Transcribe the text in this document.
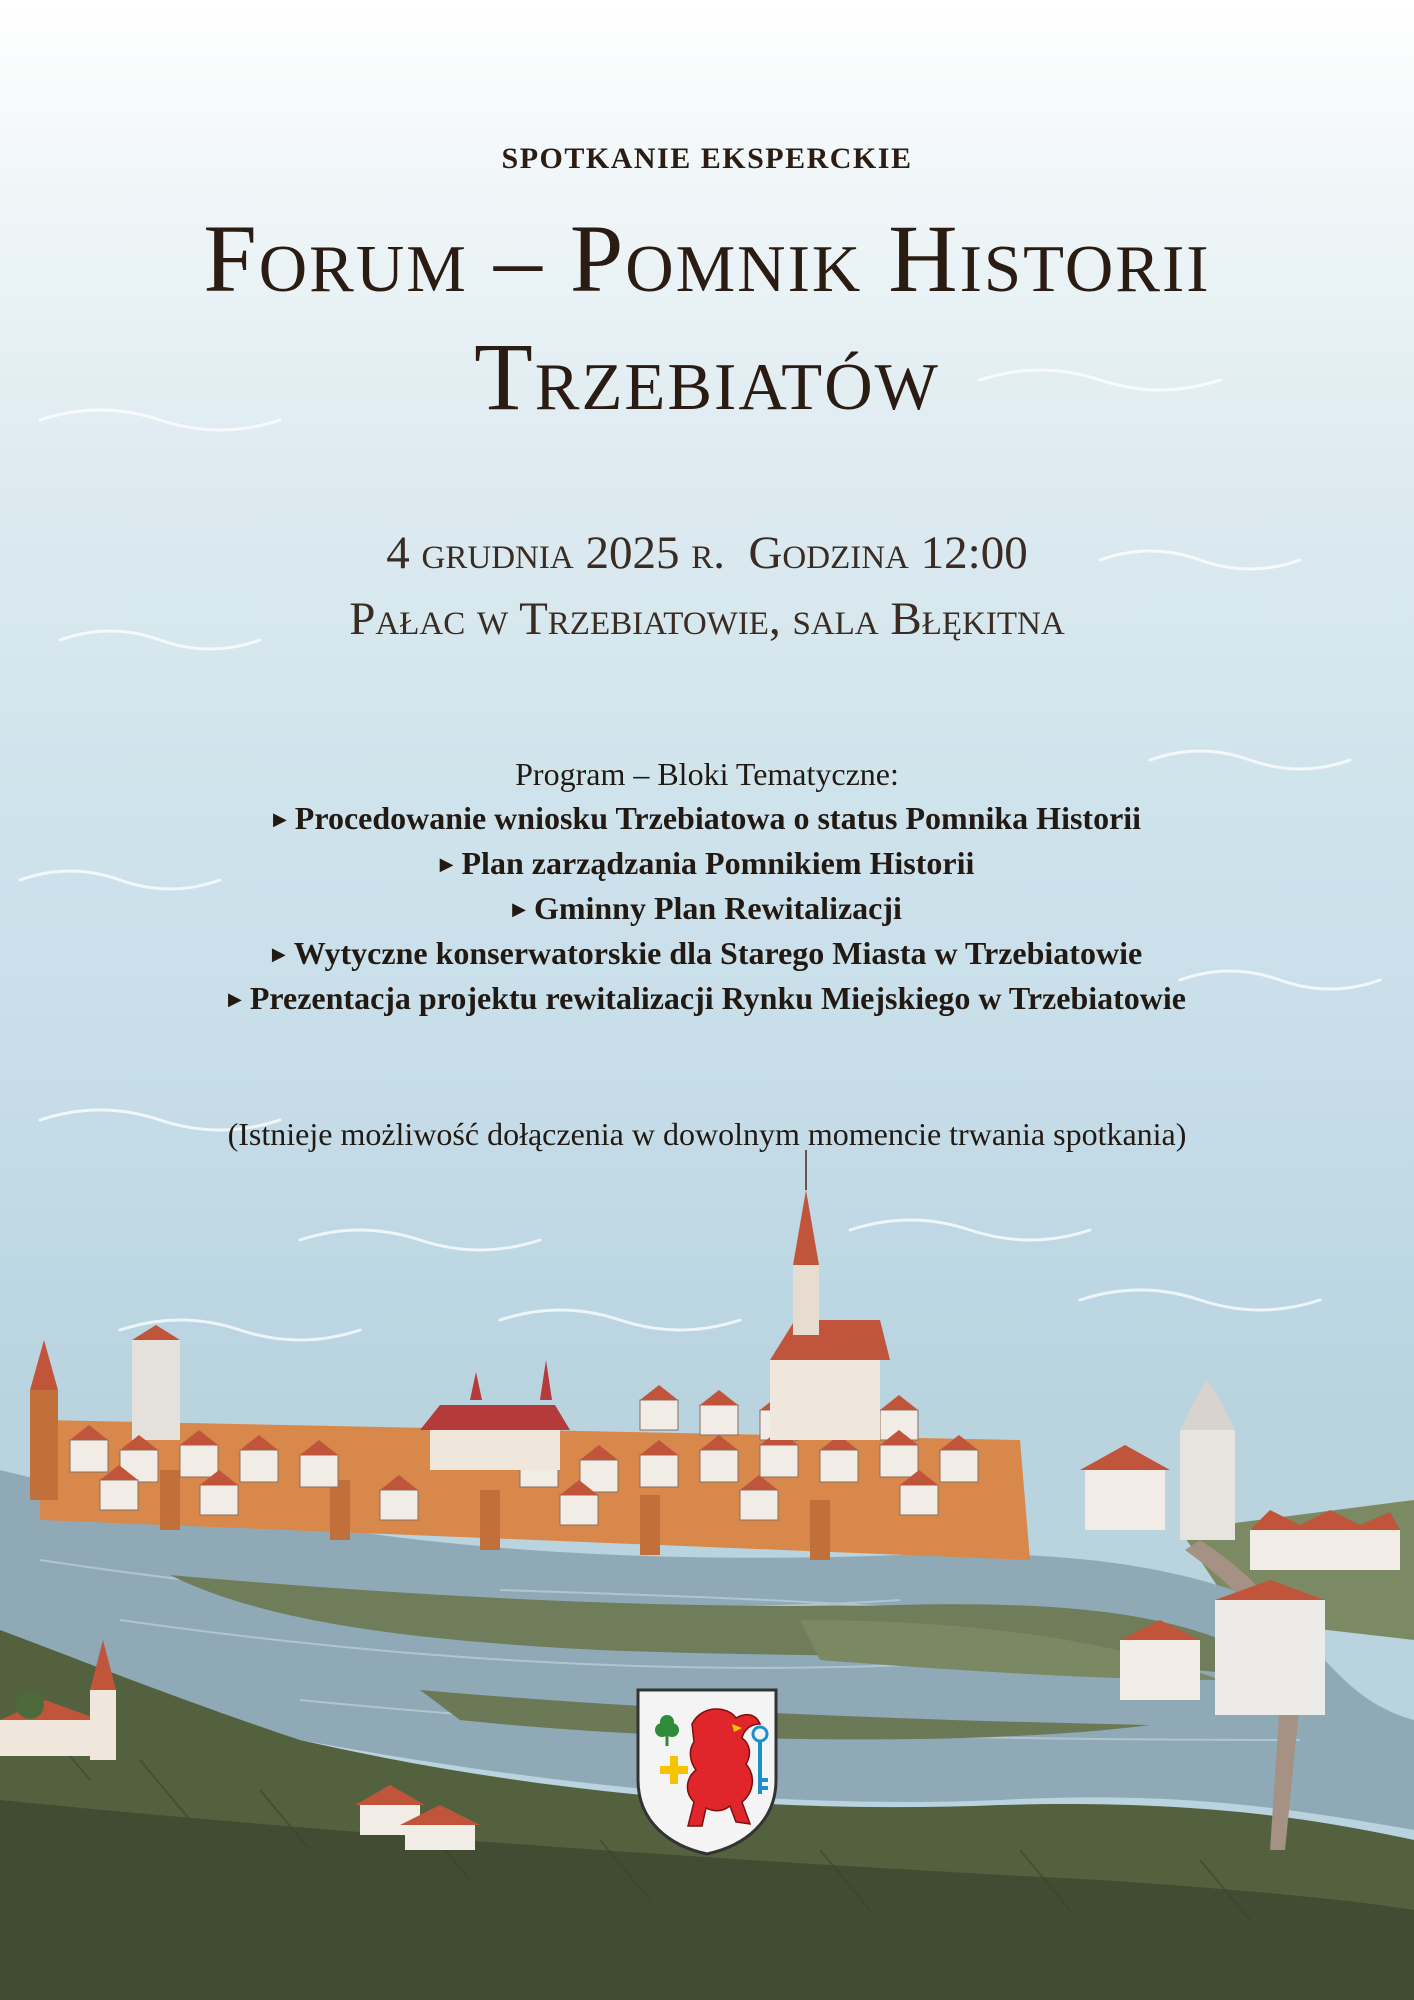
SPOTKANIE EKSPERCKIE
Forum – Pomnik Historii
Trzebiatów
4 grudnia 2025 r.  Godzina 12:00
Pałac w Trzebiatowie, sala Błękitna
Program – Bloki Tematyczne:
▶ Procedowanie wniosku Trzebiatowa o status Pomnika Historii
▶ Plan zarządzania Pomnikiem Historii
▶ Gminny Plan Rewitalizacji
▶ Wytyczne konserwatorskie dla Starego Miasta w Trzebiatowie
▶ Prezentacja projektu rewitalizacji Rynku Miejskiego w Trzebiatowie
(Istnieje możliwość dołączenia w dowolnym momencie trwania spotkania)
